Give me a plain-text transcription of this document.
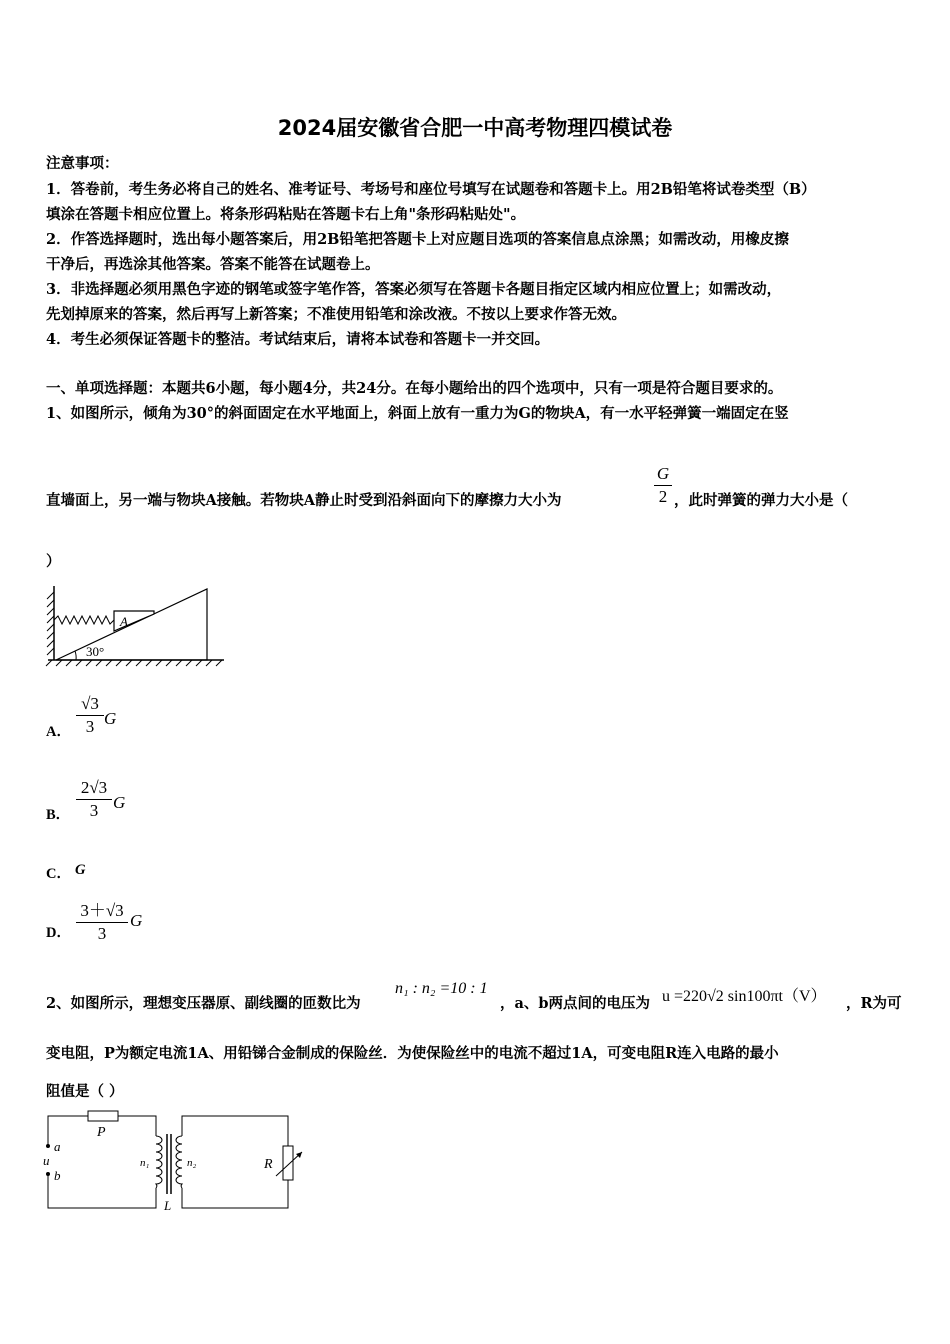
2024届安徽省合肥一中高考物理四模试卷
注意事项：
1．答卷前，考生务必将自己的姓名、准考证号、考场号和座位号填写在试题卷和答题卡上。用2B铅笔将试卷类型（B）
填涂在答题卡相应位置上。将条形码粘贴在答题卡右上角"条形码粘贴处"。
2．作答选择题时，选出每小题答案后，用2B铅笔把答题卡上对应题目选项的答案信息点涂黑；如需改动，用橡皮擦
干净后，再选涂其他答案。答案不能答在试题卷上。
3．非选择题必须用黑色字迹的钢笔或签字笔作答，答案必须写在答题卡各题目指定区域内相应位置上；如需改动，
先划掉原来的答案，然后再写上新答案；不准使用铅笔和涂改液。不按以上要求作答无效。
4．考生必须保证答题卡的整洁。考试结束后，请将本试卷和答题卡一并交回。
一、单项选择题：本题共6小题，每小题4分，共24分。在每小题给出的四个选项中，只有一项是符合题目要求的。
1、如图所示，倾角为30°的斜面固定在水平地面上，斜面上放有一重力为G的物块A，有一水平轻弹簧一端固定在竖
直墙面上，另一端与物块A接触。若物块A静止时受到沿斜面向下的摩擦力大小为
G
2 ，此时弹簧的弹力大小是（
）
A
30°
A．
√3
3 G
B．
2√3
3 G
C． G
D．
3＋√3
3
G
2、如图所示，理想变压器原、副线圈的匝数比为
n₁ : n₂ =10 : 1
，a、b两点间的电压为 u =220√2 sin100πt（V） ，R为可
变电阻，P为额定电流1A、用铅锑合金制成的保险丝．为使保险丝中的电流不超过1A，可变电阻R连入电路的最小
阻值是（ ）
P
a
u
b
n₁	n₂
L
R
